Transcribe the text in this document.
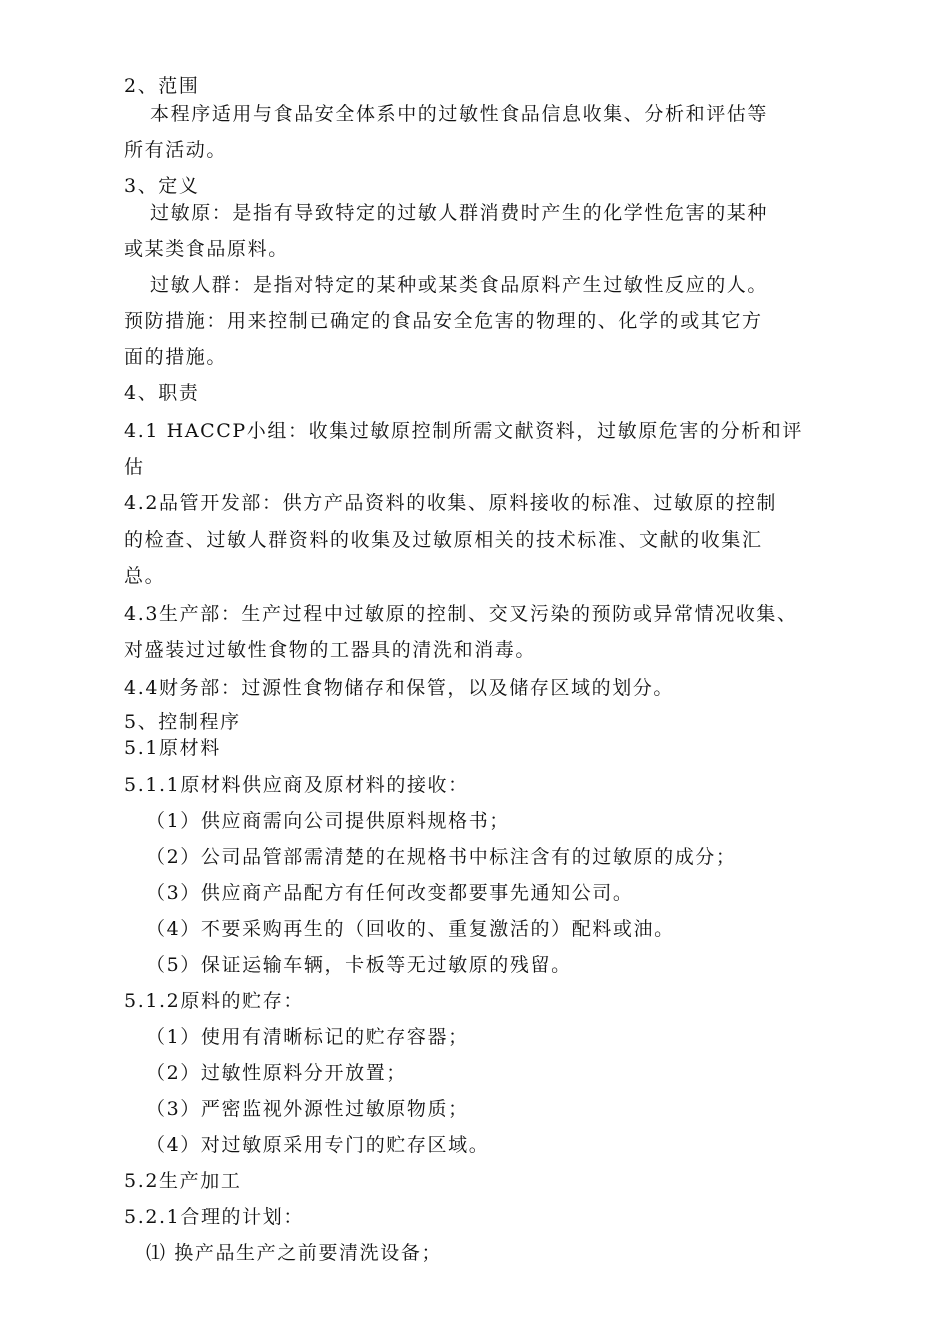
2、范围
本程序适用与食品安全体系中的过敏性食品信息收集、分析和评估等
所有活动。
3、定义
过敏原：是指有导致特定的过敏人群消费时产生的化学性危害的某种
或某类食品原料。
过敏人群：是指对特定的某种或某类食品原料产生过敏性反应的人。
预防措施：用来控制已确定的食品安全危害的物理的、化学的或其它方
面的措施。
4、职责
4.1 HACCP小组：收集过敏原控制所需文献资料，过敏原危害的分析和评
估
4.2品管开发部：供方产品资料的收集、原料接收的标准、过敏原的控制
的检查、过敏人群资料的收集及过敏原相关的技术标准、文献的收集汇
总。
4.3生产部：生产过程中过敏原的控制、交叉污染的预防或异常情况收集、
对盛装过过敏性食物的工器具的清洗和消毒。
4.4财务部：过源性食物储存和保管，以及储存区域的划分。
5、控制程序
5.1原材料
5.1.1原材料供应商及原材料的接收：
（1）供应商需向公司提供原料规格书；
（2）公司品管部需清楚的在规格书中标注含有的过敏原的成分；
（3）供应商产品配方有任何改变都要事先通知公司。
（4）不要采购再生的（回收的、重复激活的）配料或油。
（5）保证运输车辆，卡板等无过敏原的残留。
5.1.2原料的贮存：
（1）使用有清晰标记的贮存容器；
（2）过敏性原料分开放置；
（3）严密监视外源性过敏原物质；
（4）对过敏原采用专门的贮存区域。
5.2生产加工
5.2.1合理的计划：
⑴ 换产品生产之前要清洗设备；
